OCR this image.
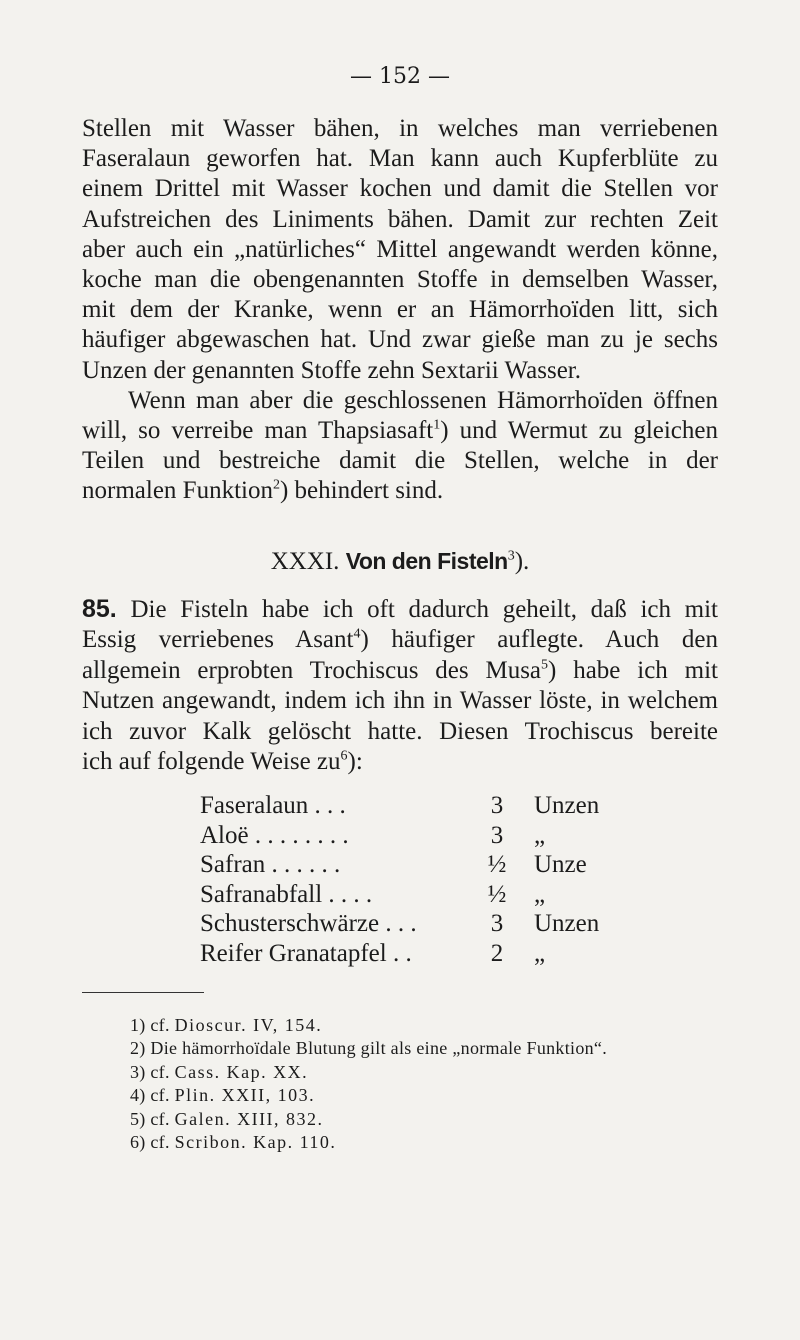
— 152 —
Stellen mit Wasser bähen, in welches man verriebenen
Faseralaun geworfen hat. Man kann auch Kupferblüte zu
einem Drittel mit Wasser kochen und damit die Stellen vor
Aufstreichen des Liniments bähen. Damit zur rechten Zeit
aber auch ein „natürliches“ Mittel angewandt werden könne,
koche man die obengenannten Stoffe in demselben Wasser,
mit dem der Kranke, wenn er an Hämorrhoïden litt, sich
häufiger abgewaschen hat. Und zwar gieße man zu je sechs
Unzen der genannten Stoffe zehn Sextarii Wasser.
Wenn man aber die geschlossenen Hämorrhoïden öffnen
will, so verreibe man Thapsiasaft$^1$) und Wermut zu gleichen
Teilen und bestreiche damit die Stellen, welche in der
normalen Funktion$^2$) behindert sind.
XXXI. Von den Fisteln$^3$).
85. Die Fisteln habe ich oft dadurch geheilt, daß ich mit
Essig verriebenes Asant$^4$) häufiger auflegte. Auch den
allgemein erprobten Trochiscus des Musa$^5$) habe ich mit
Nutzen angewandt, indem ich ihn in Wasser löste, in welchem
ich zuvor Kalk gelöscht hatte. Diesen Trochiscus bereite
ich auf folgende Weise $zu^6$):
Faseralaun . . .	3 Unzen
Aloë . . . . . . . .	3 „
Safran . . . . . .	½ Unze
Safranabfall . . . .	½ „
Schusterschwärze . . .	3 Unzen
Reifer Granatapfel . .	2 „
1) cf. Dioscur. IV, 154.
2) Die hämorrhoïdale Blutung gilt als eine „normale Funktion“.
3) cf. Cass. Kap. XX.
4) cf. Plin. XXII, 103.
5) cf. Galen. XIII, 832.
6) cf. Scribon. Kap. 110.
